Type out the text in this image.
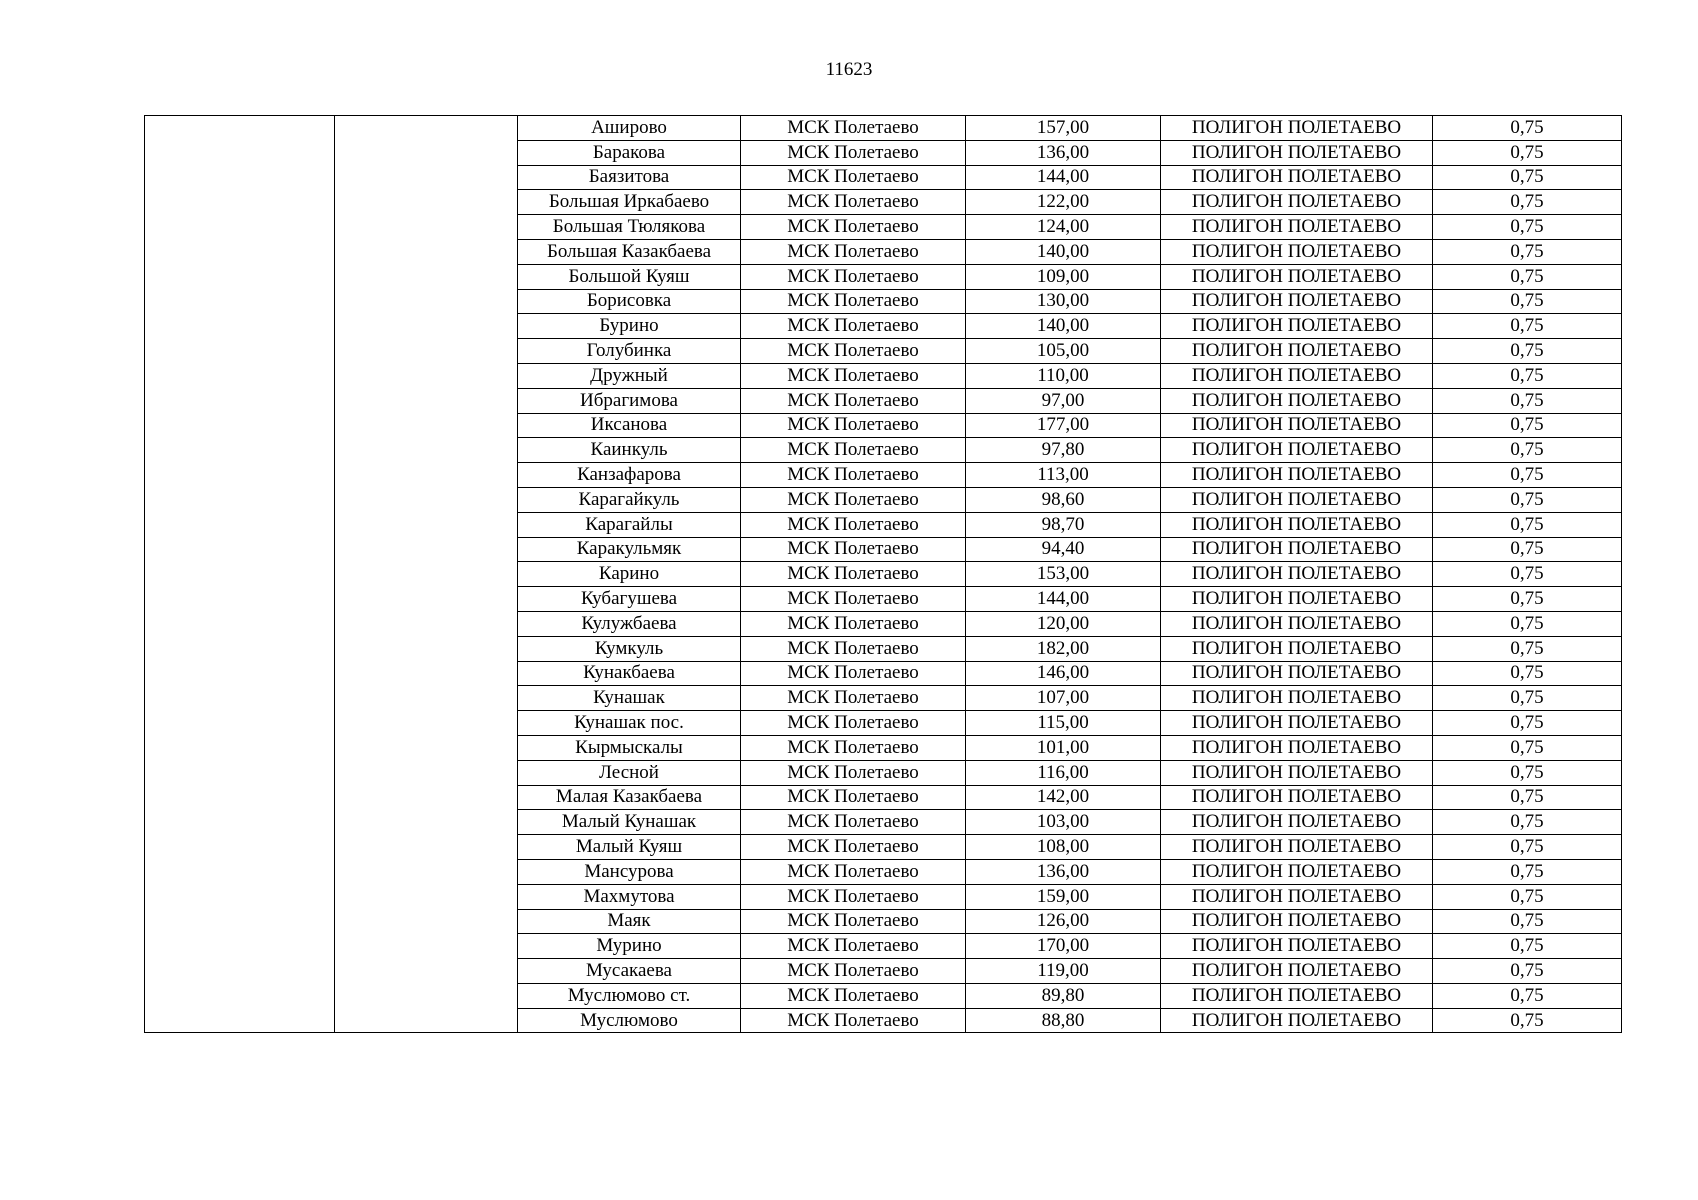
11623
		Аширово	МСК Полетаево	157,00	ПОЛИГОН ПОЛЕТАЕВО	0,75
		Баракова	МСК Полетаево	136,00	ПОЛИГОН ПОЛЕТАЕВО	0,75
		Баязитова	МСК Полетаево	144,00	ПОЛИГОН ПОЛЕТАЕВО	0,75
		Большая Иркабаево	МСК Полетаево	122,00	ПОЛИГОН ПОЛЕТАЕВО	0,75
		Большая Тюлякова	МСК Полетаево	124,00	ПОЛИГОН ПОЛЕТАЕВО	0,75
		Большая Казакбаева	МСК Полетаево	140,00	ПОЛИГОН ПОЛЕТАЕВО	0,75
		Большой Куяш	МСК Полетаево	109,00	ПОЛИГОН ПОЛЕТАЕВО	0,75
		Борисовка	МСК Полетаево	130,00	ПОЛИГОН ПОЛЕТАЕВО	0,75
		Бурино	МСК Полетаево	140,00	ПОЛИГОН ПОЛЕТАЕВО	0,75
		Голубинка	МСК Полетаево	105,00	ПОЛИГОН ПОЛЕТАЕВО	0,75
		Дружный	МСК Полетаево	110,00	ПОЛИГОН ПОЛЕТАЕВО	0,75
		Ибрагимова	МСК Полетаево	97,00	ПОЛИГОН ПОЛЕТАЕВО	0,75
		Иксанова	МСК Полетаево	177,00	ПОЛИГОН ПОЛЕТАЕВО	0,75
		Каинкуль	МСК Полетаево	97,80	ПОЛИГОН ПОЛЕТАЕВО	0,75
		Канзафарова	МСК Полетаево	113,00	ПОЛИГОН ПОЛЕТАЕВО	0,75
		Карагайкуль	МСК Полетаево	98,60	ПОЛИГОН ПОЛЕТАЕВО	0,75
		Карагайлы	МСК Полетаево	98,70	ПОЛИГОН ПОЛЕТАЕВО	0,75
		Каракульмяк	МСК Полетаево	94,40	ПОЛИГОН ПОЛЕТАЕВО	0,75
		Карино	МСК Полетаево	153,00	ПОЛИГОН ПОЛЕТАЕВО	0,75
		Кубагушева	МСК Полетаево	144,00	ПОЛИГОН ПОЛЕТАЕВО	0,75
		Кулужбаева	МСК Полетаево	120,00	ПОЛИГОН ПОЛЕТАЕВО	0,75
		Кумкуль	МСК Полетаево	182,00	ПОЛИГОН ПОЛЕТАЕВО	0,75
		Кунакбаева	МСК Полетаево	146,00	ПОЛИГОН ПОЛЕТАЕВО	0,75
		Кунашак	МСК Полетаево	107,00	ПОЛИГОН ПОЛЕТАЕВО	0,75
		Кунашак пос.	МСК Полетаево	115,00	ПОЛИГОН ПОЛЕТАЕВО	0,75
		Кырмыскалы	МСК Полетаево	101,00	ПОЛИГОН ПОЛЕТАЕВО	0,75
		Лесной	МСК Полетаево	116,00	ПОЛИГОН ПОЛЕТАЕВО	0,75
		Малая Казакбаева	МСК Полетаево	142,00	ПОЛИГОН ПОЛЕТАЕВО	0,75
		Малый Кунашак	МСК Полетаево	103,00	ПОЛИГОН ПОЛЕТАЕВО	0,75
		Малый Куяш	МСК Полетаево	108,00	ПОЛИГОН ПОЛЕТАЕВО	0,75
		Мансурова	МСК Полетаево	136,00	ПОЛИГОН ПОЛЕТАЕВО	0,75
		Махмутова	МСК Полетаево	159,00	ПОЛИГОН ПОЛЕТАЕВО	0,75
		Маяк	МСК Полетаево	126,00	ПОЛИГОН ПОЛЕТАЕВО	0,75
		Мурино	МСК Полетаево	170,00	ПОЛИГОН ПОЛЕТАЕВО	0,75
		Мусакаева	МСК Полетаево	119,00	ПОЛИГОН ПОЛЕТАЕВО	0,75
		Муслюмово ст.	МСК Полетаево	89,80	ПОЛИГОН ПОЛЕТАЕВО	0,75
		Муслюмово	МСК Полетаево	88,80	ПОЛИГОН ПОЛЕТАЕВО	0,75
